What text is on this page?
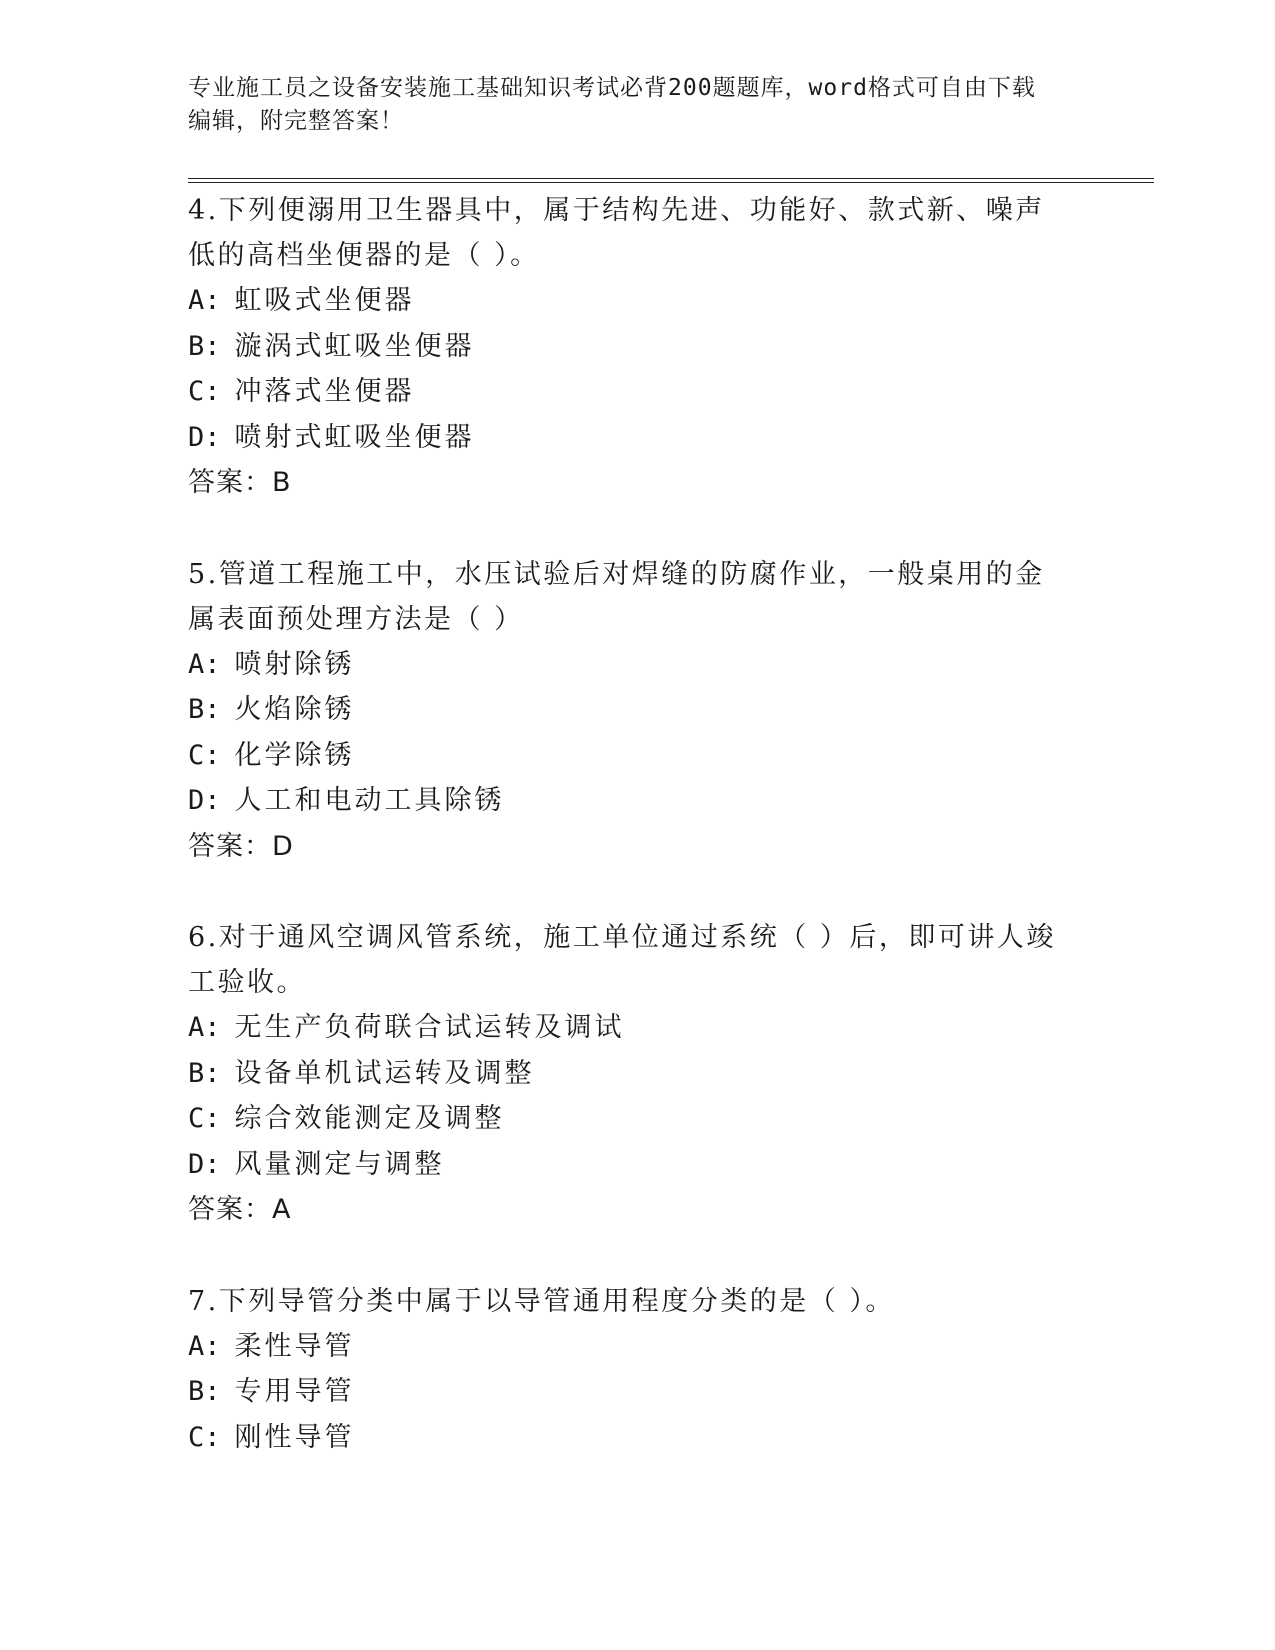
专业施工员之设备安装施工基础知识考试必背200题题库，word格式可自由下载
编辑，附完整答案！
4.下列便溺用卫生器具中，属于结构先进、功能好、款式新、噪声低的高档坐便器的是（ ）。
A: 虹吸式坐便器
B: 漩涡式虹吸坐便器
C: 冲落式坐便器
D: 喷射式虹吸坐便器
答案：B
5.管道工程施工中，水压试验后对焊缝的防腐作业，一般桌用的金属表面预处理方法是（ ）
A: 喷射除锈
B: 火焰除锈
C: 化学除锈
D: 人工和电动工具除锈
答案：D
6.对于通风空调风管系统，施工单位通过系统（ ）后，即可讲人竣工验收。
A: 无生产负荷联合试运转及调试
B: 设备单机试运转及调整
C: 综合效能测定及调整
D: 风量测定与调整
答案：A
7.下列导管分类中属于以导管通用程度分类的是（ ）。
A: 柔性导管
B: 专用导管
C: 刚性导管
